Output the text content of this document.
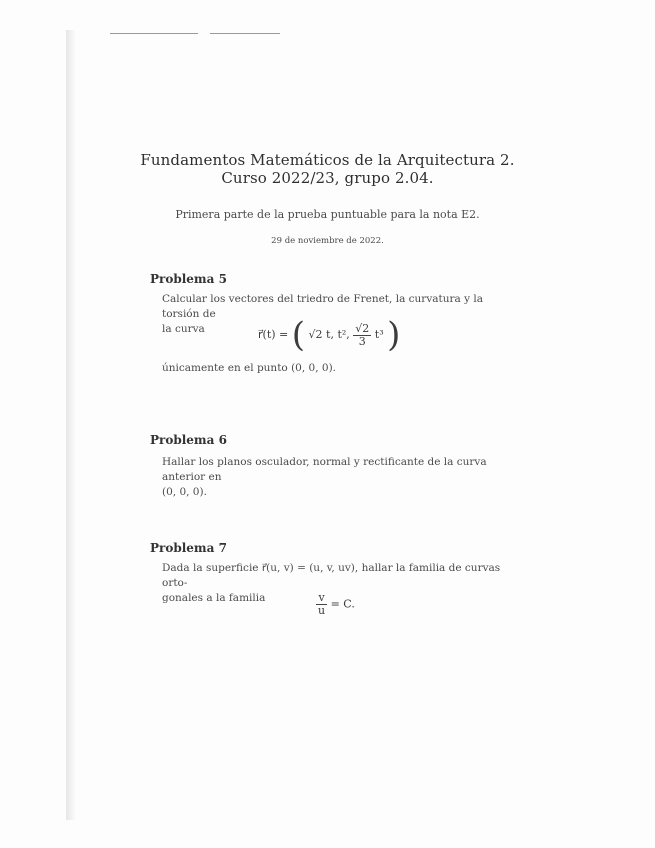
Fundamentos Matemáticos de la Arquitectura 2.
Curso 2022/23, grupo 2.04.
Primera parte de la prueba puntuable para la nota E2.
29 de noviembre de 2022.
Problema 5
Calcular los vectores del triedro de Frenet, la curvatura y la torsión de
la curva	r⃗(t) = ( √2 t, t², $\frac{√2}{3} t^3$ )
únicamente en el punto (0, 0, 0).
Problema 6
Hallar los planos osculador, normal y rectificante de la curva anterior en
(0, 0, 0).
Problema 7
Dada la superficie r⃗(u, v) = (u, v, uv), hallar la familia de curvas orto-
gonales a la familia	$\frac{v}{u} = C$.
